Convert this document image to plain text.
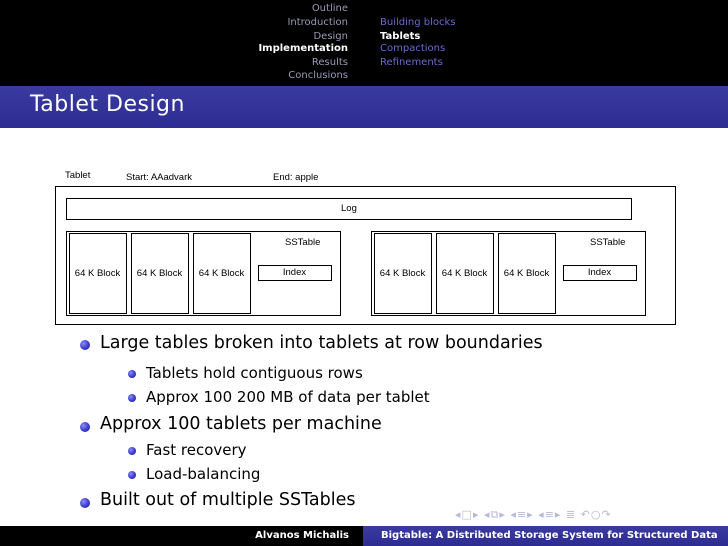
Outline
Introduction
Design
Implementation
Results
Conclusions
Building blocks
Tablets
Compactions
Refinements
Tablet Design
Tablet	Start: AAadvark	End: apple
Log
SSTable
64 K Block	64 K Block	64 K Block	Index
SSTable
64 K Block	64 K Block	64 K Block	Index
Large tables broken into tablets at row boundaries
Tablets hold contiguous rows
Approx 100 200 MB of data per tablet
Approx 100 tablets per machine
Fast recovery
Load-balancing
Built out of multiple SSTables
◂□▸ ◂⧉▸ ◂≡▸ ◂≡▸ ≣ ↶○↷
Alvanos Michalis	Bigtable: A Distributed Storage System for Structured Data
